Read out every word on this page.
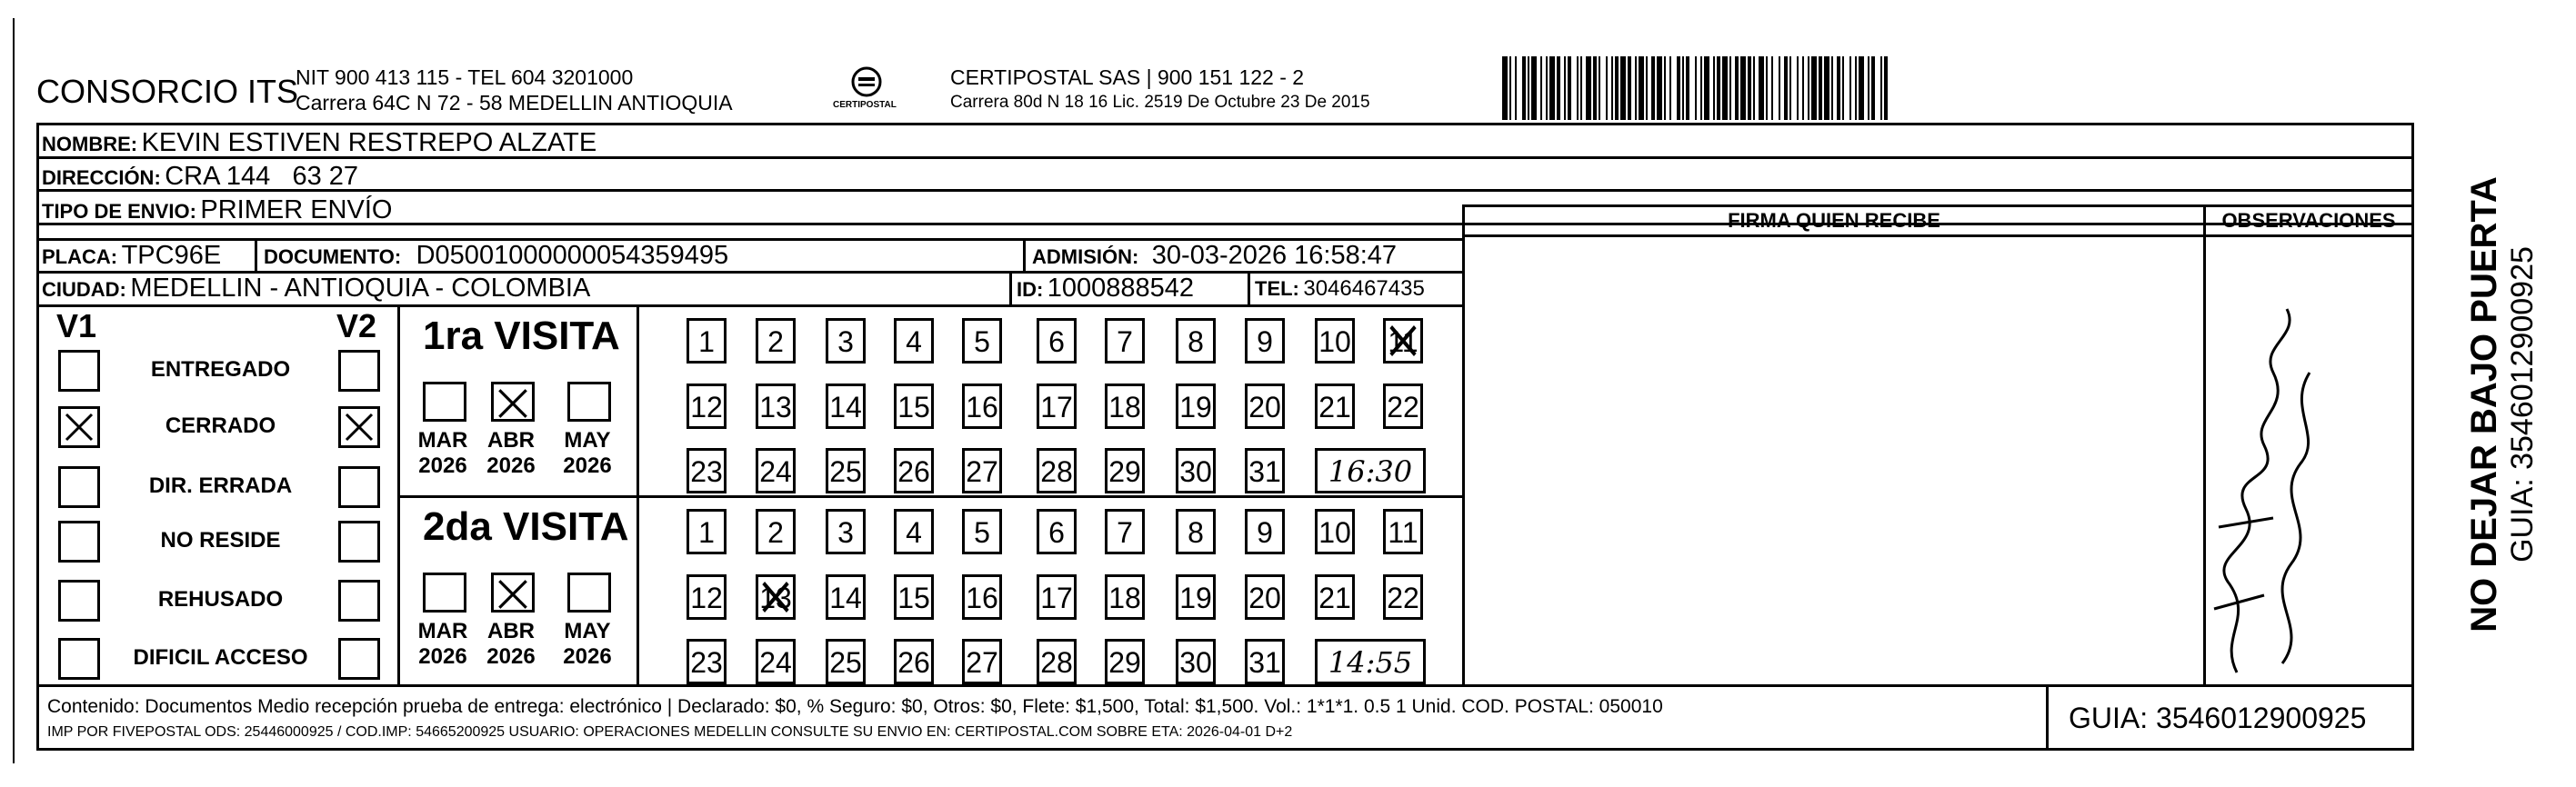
CONSORCIO ITS
NIT 900 413 115 - TEL 604 3201000
Carrera 64C N 72 - 58 MEDELLIN ANTIOQUIA	CERTIPOSTAL
CERTIPOSTAL SAS | 900 151 122 - 2
Carrera 80d N 18 16 Lic. 2519 De Octubre 23 De 2015
NOMBRE: KEVIN ESTIVEN RESTREPO ALZATE
DIRECCIÓN: CRA 144   63 27
TIPO DE ENVIO: PRIMER ENVÍO
PLACA: TPC96E DOCUMENTO: D05001000000054359495	ADMISIÓN: 30-03-2026 16:58:47
CIUDAD: MEDELLIN - ANTIOQUIA - COLOMBIA	ID: 1000888542	TEL: 3046467435
FIRMA QUIEN RECIBE	OBSERVACIONES
V1	V2
ENTREGADO
CERRADO
DIR. ERRADA
NO RESIDE
REHUSADO
DIFICIL ACCESO
1ra VISITA
MAR
2026
ABR
2026
MAY
2026
1	2	3	4	5	6	7	8	9	10 11
12 13 14 15 16 17 18 19 20 21 22
23 24 25 26 27 28 29 30 31	16:30
2da VISITA
MAR
2026
ABR
2026
MAY
2026
1	2	3	4	5	6	7	8	9	10 11
12 13 14 15 16 17 18 19 20 21 22
23 24 25 26 27 28 29 30 31	14:55
Contenido: Documentos Medio recepción prueba de entrega: electrónico | Declarado: $0, % Seguro: $0, Otros: $0, Flete: $1,500, Total: $1,500. Vol.: 1*1*1. 0.5 1 Unid. COD. POSTAL: 050010
IMP POR FIVEPOSTAL ODS: 25446000925 / COD.IMP: 54665200925 USUARIO: OPERACIONES MEDELLIN CONSULTE SU ENVIO EN: CERTIPOSTAL.COM SOBRE ETA: 2026-04-01 D+2	GUIA: 3546012900925
NO DEJAR BAJO PUERTA GUIA: 3546012900925
